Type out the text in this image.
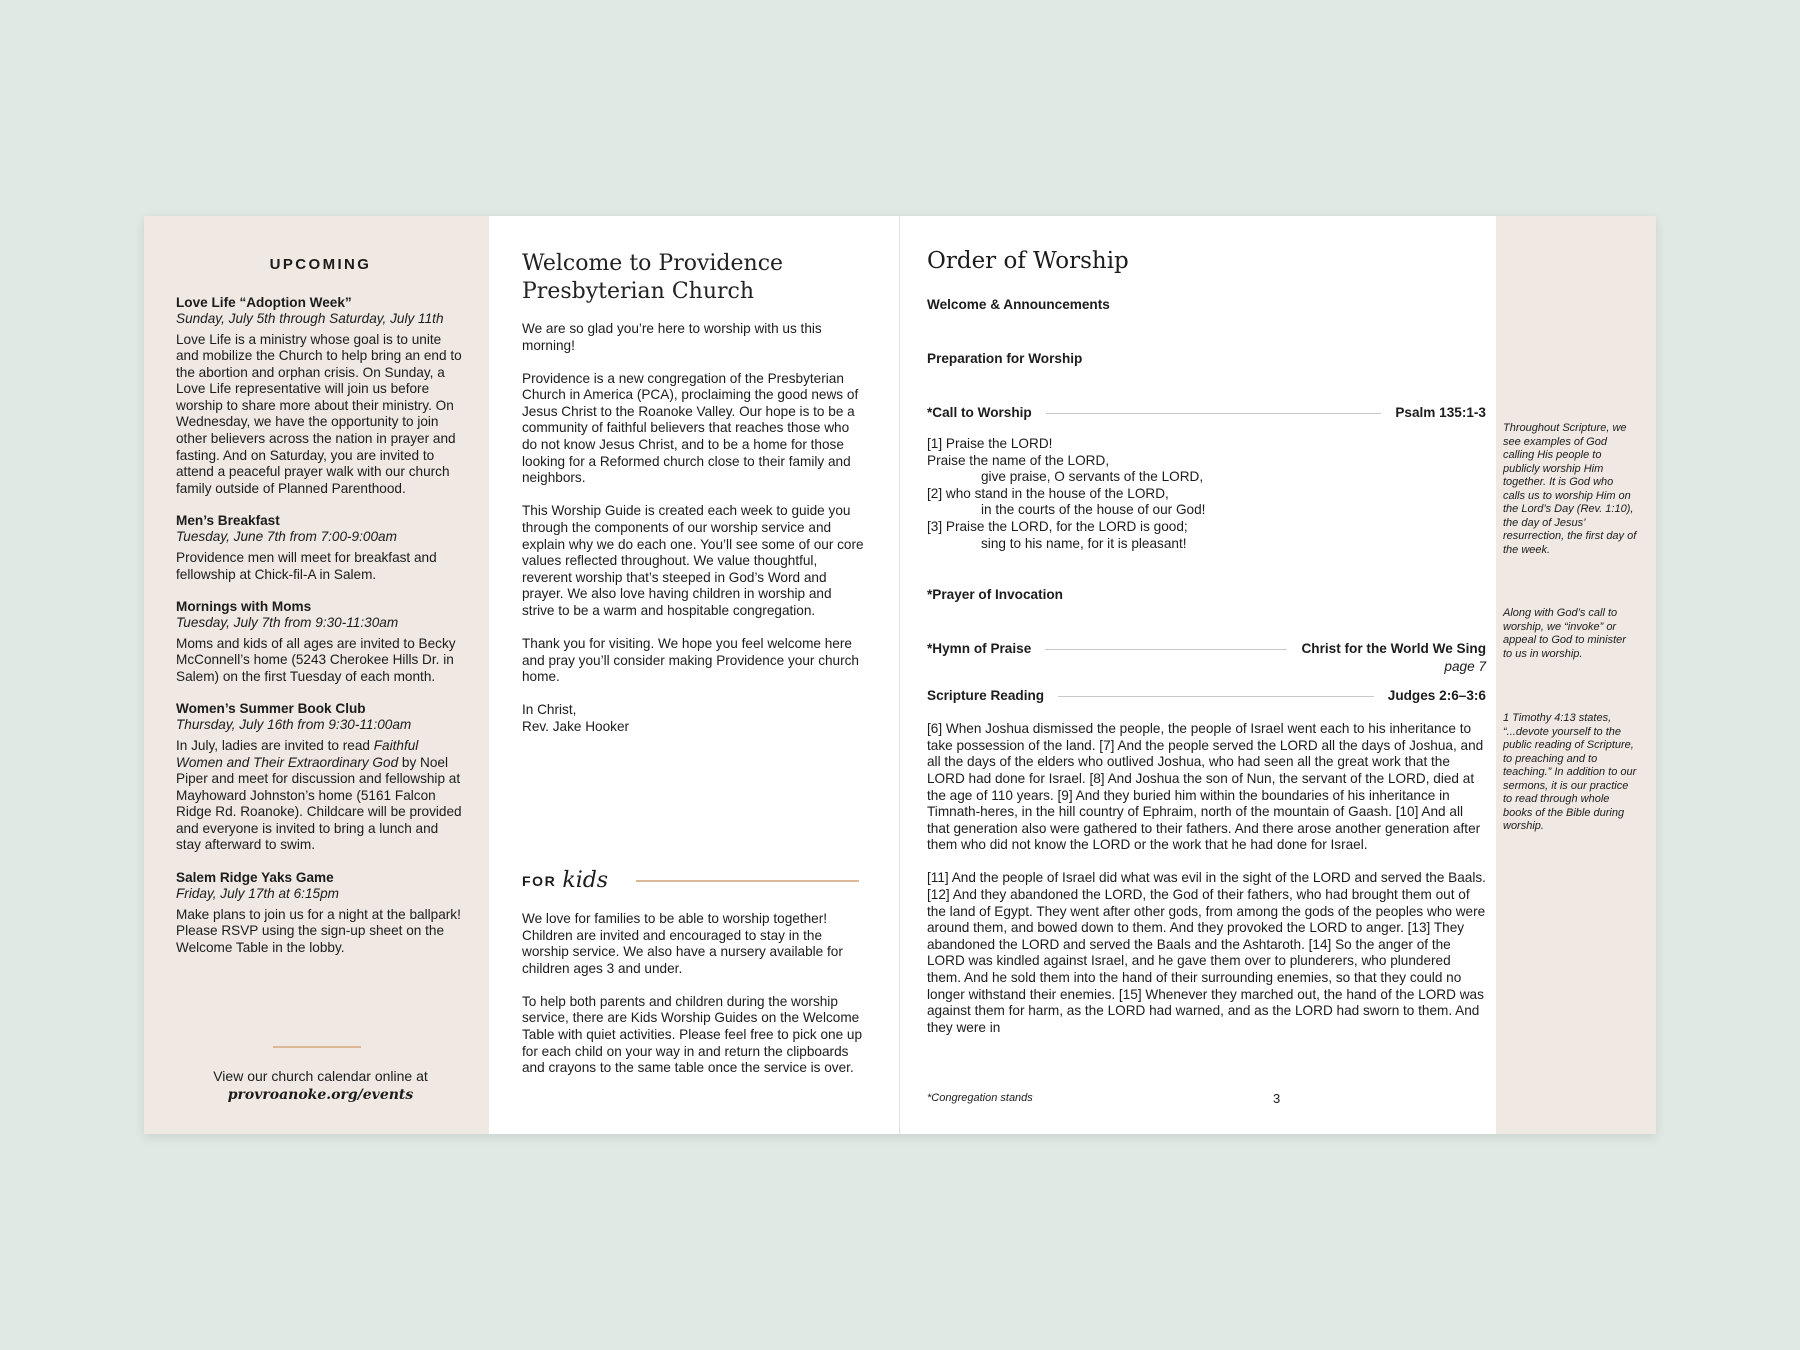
UPCOMING
Love Life “Adoption Week”
Sunday, July 5th through Saturday, July 11th
Love Life is a ministry whose goal is to unite and mobilize the Church to help bring an end to the abortion and orphan crisis. On Sunday, a Love Life representative will join us before worship to share more about their ministry. On Wednesday, we have the opportunity to join other believers across the nation in prayer and fasting. And on Saturday, you are invited to attend a peaceful prayer walk with our church family outside of Planned Parenthood.
Men’s Breakfast
Tuesday, June 7th from 7:00-9:00am
Providence men will meet for breakfast and fellowship at Chick-fil-A in Salem.
Mornings with Moms
Tuesday, July 7th from 9:30-11:30am
Moms and kids of all ages are invited to Becky McConnell’s home (5243 Cherokee Hills Dr. in Salem) on the first Tuesday of each month.
Women’s Summer Book Club
Thursday, July 16th from 9:30-11:00am
In July, ladies are invited to read Faithful Women and Their Extraordinary God by Noel Piper and meet for discussion and fellowship at Mayhoward Johnston’s home (5161 Falcon Ridge Rd. Roanoke). Childcare will be provided and everyone is invited to bring a lunch and stay afterward to swim.
Salem Ridge Yaks Game
Friday, July 17th at 6:15pm
Make plans to join us for a night at the ballpark! Please RSVP using the sign-up sheet on the Welcome Table in the lobby.
View our church calendar online at
provroanoke.org/events
Welcome to Providence
Presbyterian Church

We are so glad you’re here to worship with us this morning!

Providence is a new congregation of the Presbyterian Church in America (PCA), proclaiming the good news of Jesus Christ to the Roanoke Valley. Our hope is to be a community of faithful believers that reaches those who do not know Jesus Christ, and to be a home for those looking for a Reformed church close to their family and neighbors.

This Worship Guide is created each week to guide you through the components of our worship service and explain why we do each one. You’ll see some of our core values reflected throughout. We value thoughtful, reverent worship that’s steeped in God’s Word and prayer. We also love having children in worship and strive to be a warm and hospitable congregation.

Thank you for visiting. We hope you feel welcome here and pray you’ll consider making Providence your church home.

In Christ,
Rev. Jake Hooker
FOR kids

We love for families to be able to worship together! Children are invited and encouraged to stay in the worship service. We also have a nursery available for children ages 3 and under.

To help both parents and children during the worship service, there are Kids Worship Guides on the Welcome Table with quiet activities. Please feel free to pick one up for each child on your way in and return the clipboards and crayons to the same table once the service is over.

Order of Worship
Welcome & Announcements
Preparation for Worship
*Call to Worship	Psalm 135:1-3
[1] Praise the LORD!
Praise the name of the LORD,
give praise, O servants of the LORD,
[2] who stand in the house of the LORD,
in the courts of the house of our God!
[3] Praise the LORD, for the LORD is good;
sing to his name, for it is pleasant!
*Prayer of Invocation
*Hymn of Praise	Christ for the World We Sing
page 7
Scripture Reading	Judges 2:6–3:6

[6] When Joshua dismissed the people, the people of Israel went each to his inheritance to take possession of the land. [7] And the people served the LORD all the days of Joshua, and all the days of the elders who outlived Joshua, who had seen all the great work that the LORD had done for Israel. [8] And Joshua the son of Nun, the servant of the LORD, died at the age of 110 years. [9] And they buried him within the boundaries of his inheritance in Timnath-heres, in the hill country of Ephraim, north of the mountain of Gaash. [10] And all that generation also were gathered to their fathers. And there arose another generation after them who did not know the LORD or the work that he had done for Israel.

[11] And the people of Israel did what was evil in the sight of the LORD and served the Baals. [12] And they abandoned the LORD, the God of their fathers, who had brought them out of the land of Egypt. They went after other gods, from among the gods of the peoples who were around them, and bowed down to them. And they provoked the LORD to anger. [13] They abandoned the LORD and served the Baals and the Ashtaroth. [14] So the anger of the LORD was kindled against Israel, and he gave them over to plunderers, who plundered them. And he sold them into the hand of their surrounding enemies, so that they could no longer withstand their enemies. [15] Whenever they marched out, the hand of the LORD was against them for harm, as the LORD had warned, and as the LORD had sworn to them. And they were in

*Congregation stands	3
Throughout Scripture, we see examples of God calling His people to publicly worship Him together. It is God who calls us to worship Him on the Lord’s Day (Rev. 1:10), the day of Jesus’ resurrection, the first day of the week.
Along with God’s call to worship, we “invoke” or appeal to God to minister to us in worship.
1 Timothy 4:13 states, “...devote yourself to the public reading of Scripture, to preaching and to teaching.” In addition to our sermons, it is our practice to read through whole books of the Bible during worship.
